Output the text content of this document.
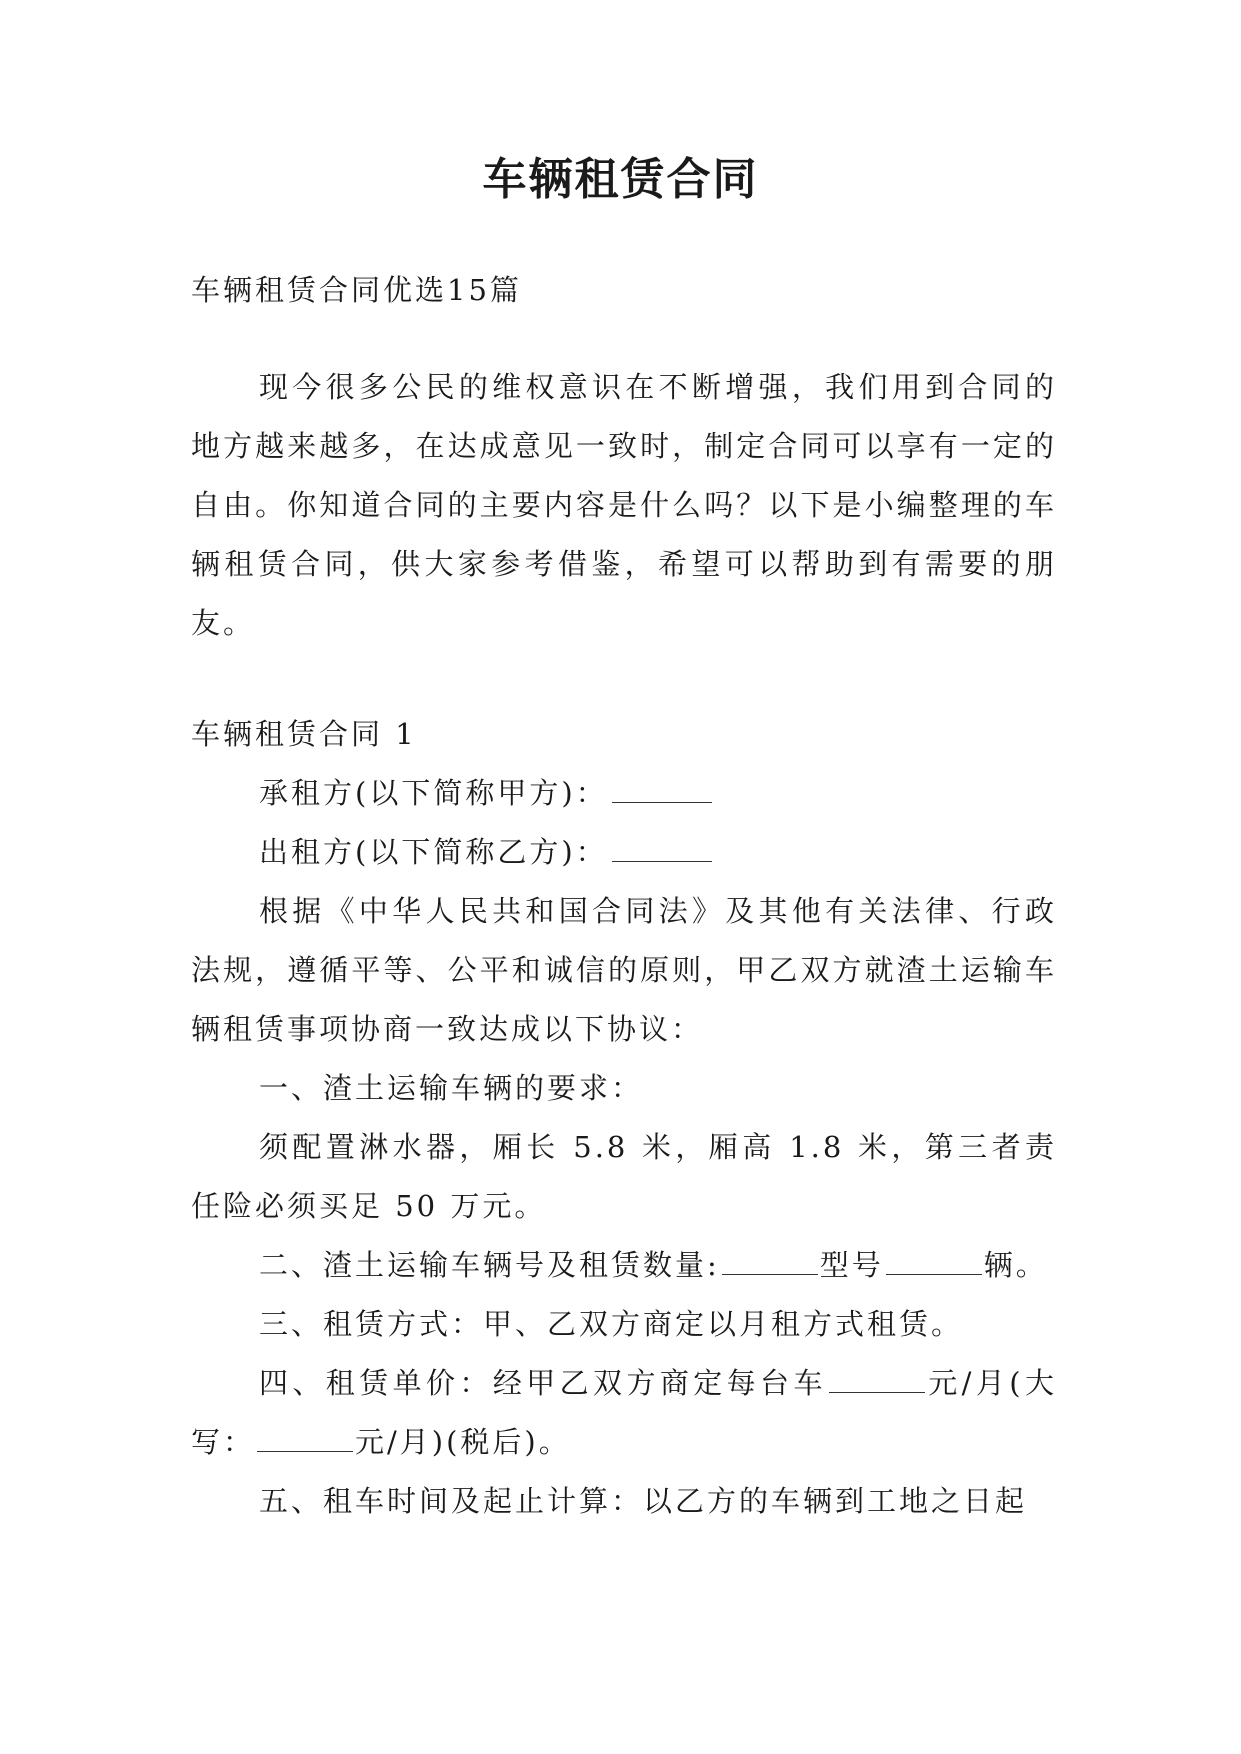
车辆租赁合同

车辆租赁合同优选15篇

现今很多公民的维权意识在不断增强，我们用到合同的地方越来越多，在达成意见一致时，制定合同可以享有一定的自由。你知道合同的主要内容是什么吗？以下是小编整理的车辆租赁合同，供大家参考借鉴，希望可以帮助到有需要的朋友。

车辆租赁合同 1

承租方(以下简称甲方)：

出租方(以下简称乙方)：

根据《中华人民共和国合同法》及其他有关法律、行政法规，遵循平等、公平和诚信的原则，甲乙双方就渣土运输车辆租赁事项协商一致达成以下协议：

一、渣土运输车辆的要求：

须配置淋水器，厢长 5.8 米，厢高 1.8 米，第三者责任险必须买足 50 万元。

二、渣土运输车辆号及租赁数量:	型号	辆。

三、租赁方式：甲、乙双方商定以月租方式租赁。

四、租赁单价：经甲乙双方商定每台车	元/月(大写：	元/月)(税后)。

五、租车时间及起止计算：以乙方的车辆到工地之日起
